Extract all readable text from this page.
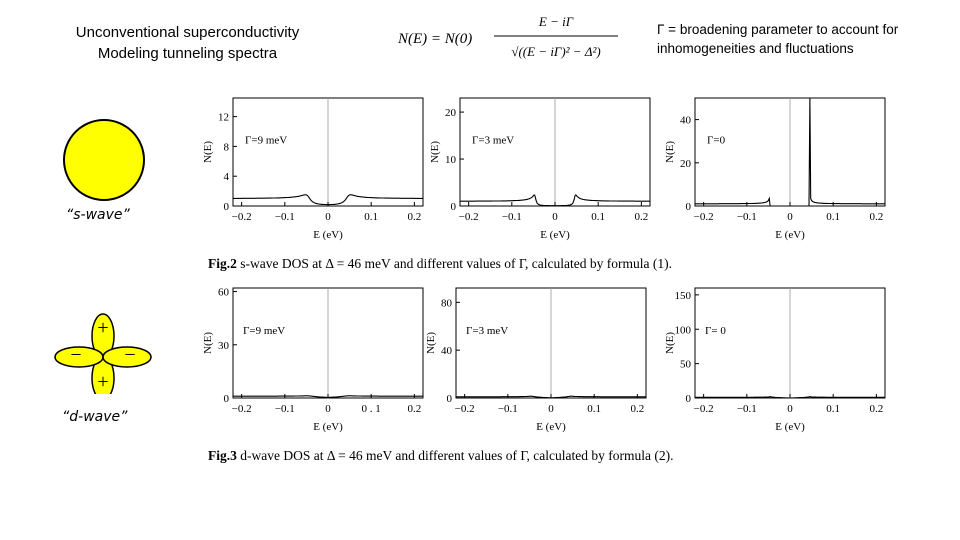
Unconventional superconductivity
Modeling tunneling spectra
N(E) = N(0)
E − iΓ
√((E − iΓ)² − Δ²)
Γ = broadening parameter to account for inhomogeneities and fluctuations
“s-wave”
+
− −
+
“d-wave”
−0.2 −0.1	0	0.1	0.2
0
4
8
12
E (eV)
N(E)
Γ=9 meV
−0.2 −0.1	0	0.1	0.2
0
10
20
E (eV)
N(E)
Γ=3 meV
−0.2 −0.1	0	0.1	0.2
0
20
40
E (eV)
N(E)
Γ=0
−0.2 −0.1	0	0 . 1 0.2
0
30
60
E (eV)
N(E)
Γ=9 meV
−0.2 −0.1	0	0.1	0.2
0
40
80
E (eV)
N(E)
Γ=3 meV
−0.2 −0.1	0	0.1	0.2
0
50
100
150
E (eV)
N(E)
Γ= 0
Fig.2 s-wave DOS at Δ = 46 meV and different values of Γ, calculated by formula (1).
Fig.3 d-wave DOS at Δ = 46 meV and different values of Γ, calculated by formula (2).
